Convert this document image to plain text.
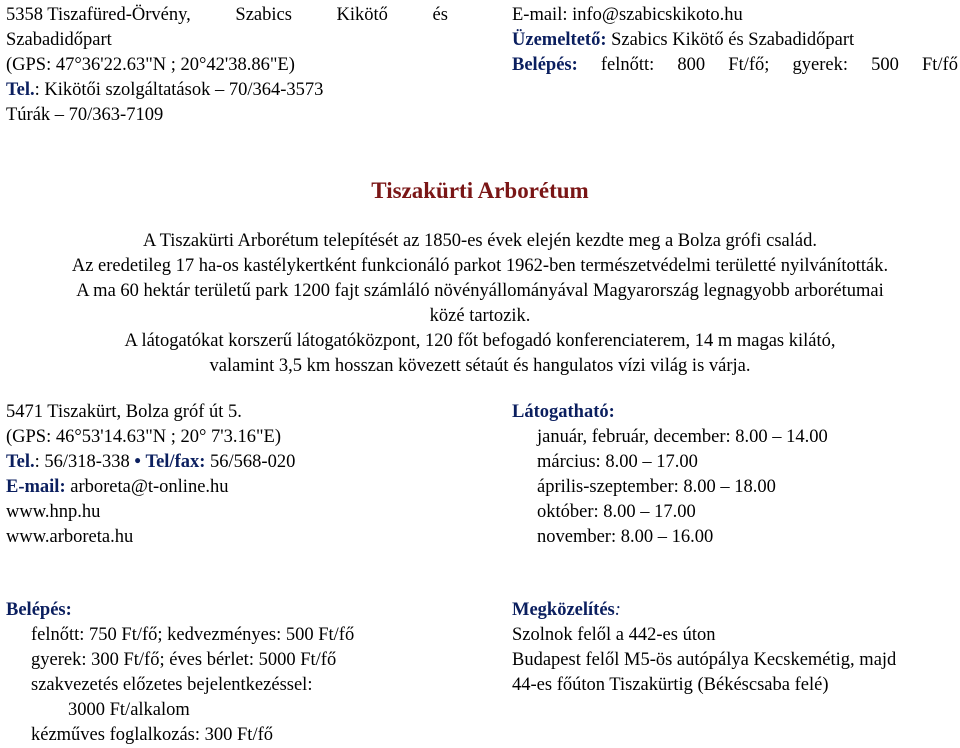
5358 Tiszafüred-Örvény, Szabics Kikötő és
Szabadidőpart
(GPS: 47°36'22.63"N ; 20°42'38.86"E)
Tel.: Kikötői szolgáltatások – 70/364-3573
Túrák – 70/363-7109
E-mail: info@szabicskikoto.hu
Üzemeltető: Szabics Kikötő és Szabadidőpart
Belépés: felnőtt: 800 Ft/fő; gyerek: 500 Ft/fő
Tiszakürti Arborétum
A Tiszakürti Arborétum telepítését az 1850-es évek elején kezdte meg a Bolza grófi család.
Az eredetileg 17 ha-os kastélykertként funkcionáló parkot 1962-ben természetvédelmi területté nyilvánították.
A ma 60 hektár területű park 1200 fajt számláló növényállományával Magyarország legnagyobb arborétumai
közé tartozik.
A látogatókat korszerű látogatóközpont, 120 főt befogadó konferenciaterem, 14 m magas kilátó,
valamint 3,5 km hosszan kövezett sétaút és hangulatos vízi világ is várja.
5471 Tiszakürt, Bolza gróf út 5.
(GPS: 46°53'14.63"N ; 20° 7'3.16"E)
Tel.: 56/318-338 • Tel/fax: 56/568-020
E-mail: arboreta@t-online.hu
www.hnp.hu
www.arboreta.hu
Látogatható:
január, február, december: 8.00 – 14.00
március: 8.00 – 17.00
április-szeptember: 8.00 – 18.00
október: 8.00 – 17.00
november: 8.00 – 16.00
Belépés:
felnőtt: 750 Ft/fő; kedvezményes: 500 Ft/fő
gyerek: 300 Ft/fő; éves bérlet: 5000 Ft/fő
szakvezetés előzetes bejelentkezéssel:
3000 Ft/alkalom
kézműves foglalkozás: 300 Ft/fő
Megközelítés:
Szolnok felől a 442-es úton
Budapest felől M5-ös autópálya Kecskemétig, majd
44-es főúton Tiszakürtig (Békéscsaba felé)
